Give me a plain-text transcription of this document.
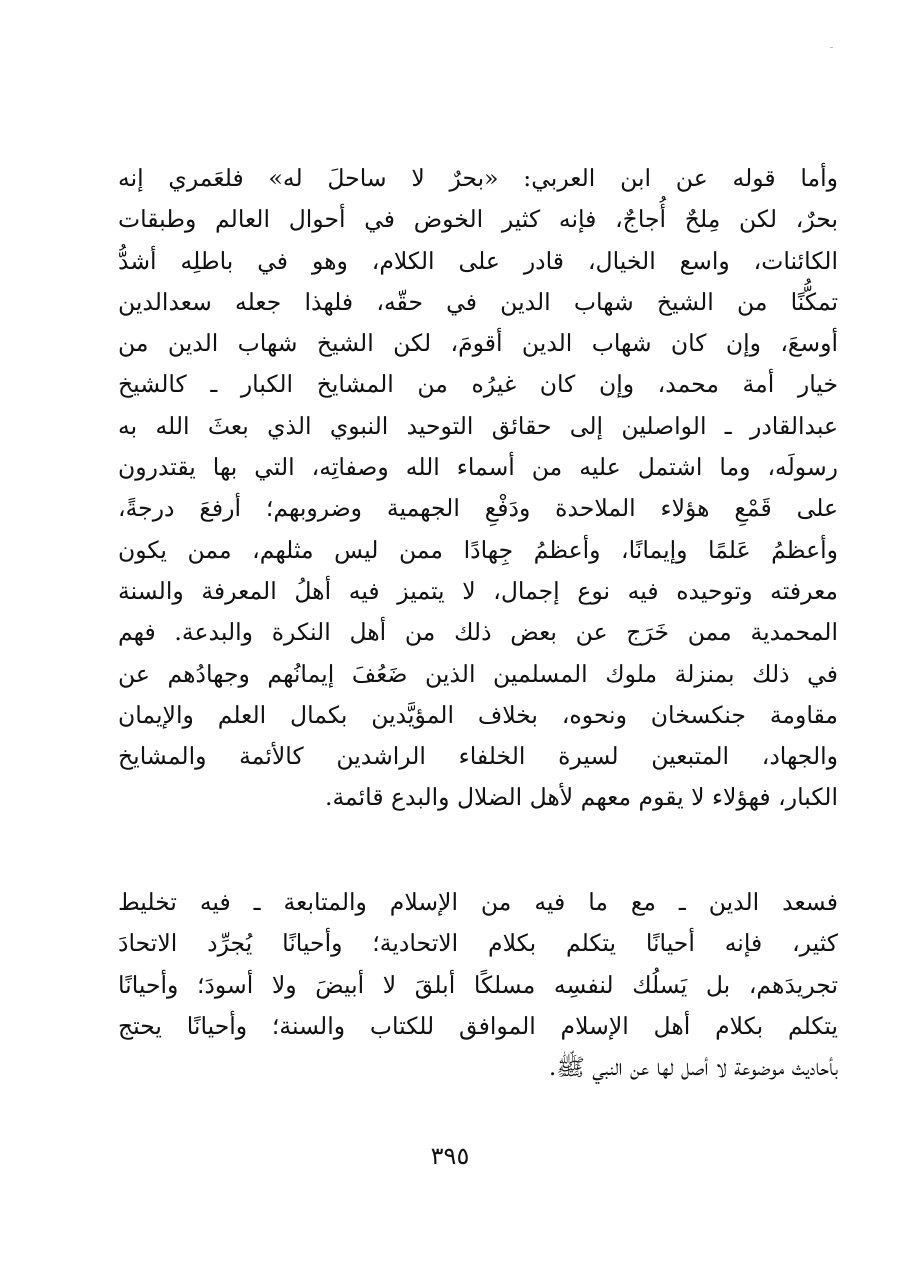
وأما قوله عن ابن العربي: «بحرٌ لا ساحلَ له» فلعَمري إنه
بحرٌ، لكن مِلحٌ أُجاجٌ، فإنه كثير الخوض في أحوال العالم وطبقات
الكائنات، واسع الخيال، قادر على الكلام، وهو في باطلِه أشدُّ
تمكُّنًا من الشيخ شهاب الدين في حقّه، فلهذا جعله سعدالدين
أوسعَ، وإن كان شهاب الدين أقومَ، لكن الشيخ شهاب الدين من
خيار أمة محمد، وإن كان غيرُه من المشايخ الكبار ـ كالشيخ
عبدالقادر ـ الواصلين إلى حقائق التوحيد النبوي الذي بعثَ الله به
رسولَه، وما اشتمل عليه من أسماء الله وصفاتِه، التي بها يقتدرون
على قَمْعِ هؤلاء الملاحدة ودَفْعِ الجهمية وضروبهم؛ أرفعَ درجةً،
وأعظمُ عَلمًا وإيمانًا، وأعظمُ جِهادًا ممن ليس مثلهم، ممن يكون
معرفته وتوحيده فيه نوع إجمال، لا يتميز فيه أهلُ المعرفة والسنة
المحمدية ممن خَرَج عن بعض ذلك من أهل النكرة والبدعة. فهم
في ذلك بمنزلة ملوك المسلمين الذين ضَعُفَ إيمانُهم وجهادُهم عن
مقاومة جنكسخان ونحوه، بخلاف المؤيَّدين بكمال العلم والإيمان
والجهاد، المتبعين لسيرة الخلفاء الراشدين كالأئمة والمشايخ
الكبار، فهؤلاء لا يقوم معهم لأهل الضلال والبدع قائمة.
فسعد الدين ـ مع ما فيه من الإسلام والمتابعة ـ فيه تخليط
كثير، فإنه أحيانًا يتكلم بكلام الاتحادية؛ وأحيانًا يُجرِّد الاتحادَ
تجريدَهم، بل يَسلُك لنفسِه مسلكًا أبلقَ لا أبيضَ ولا أسودَ؛ وأحيانًا
يتكلم بكلام أهل الإسلام الموافق للكتاب والسنة؛ وأحيانًا يحتج
بأحاديث موضوعة لا أصل لها عن النبي ﷺ.
٣٩٥
